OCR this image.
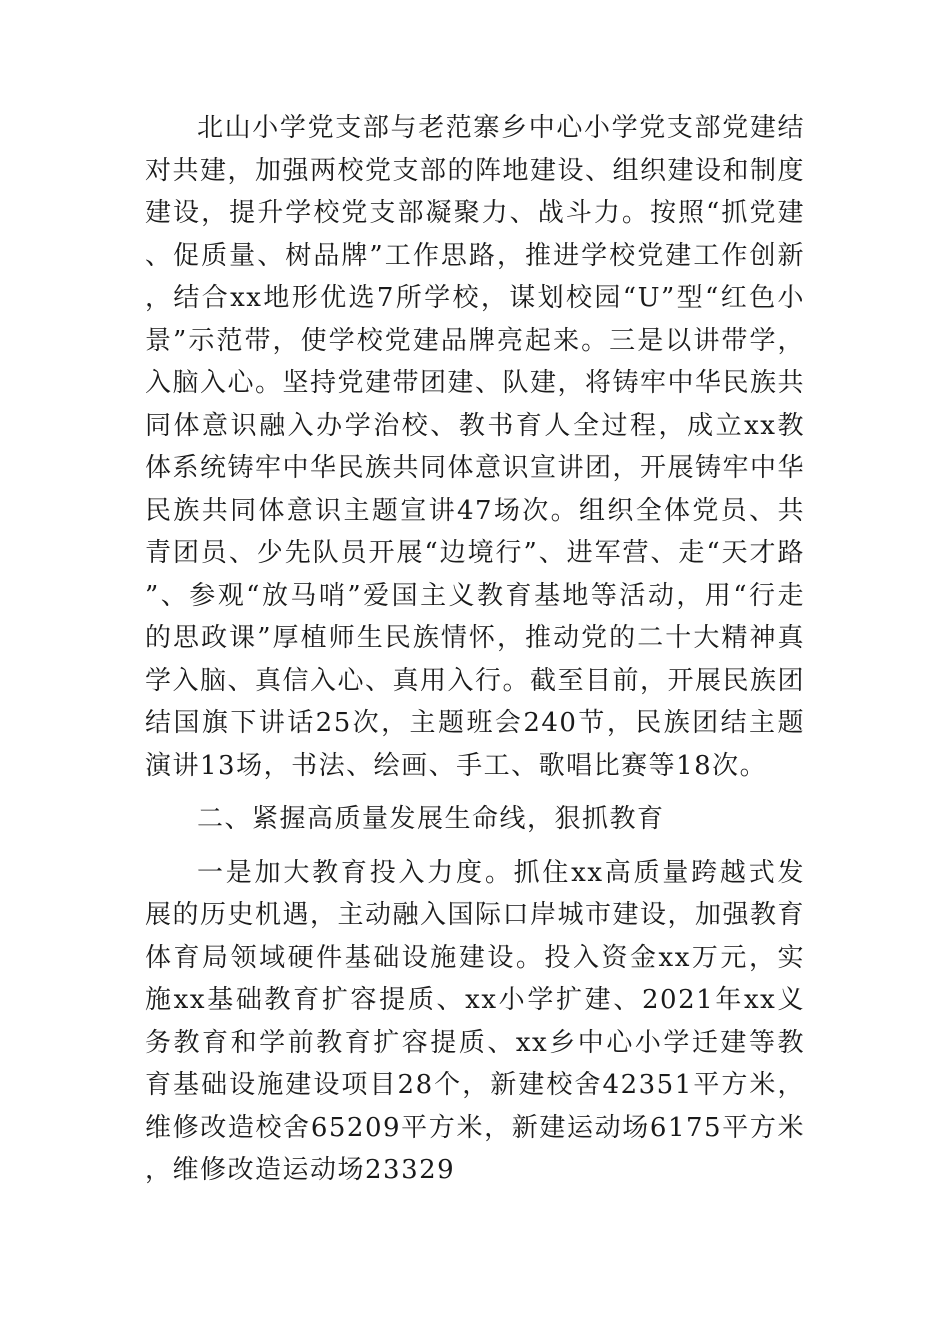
北山小学党支部与老范寨乡中心小学党支部党建结对共建，加强两校党支部的阵地建设、组织建设和制度建设，提升学校党支部凝聚力、战斗力。按照“抓党建、促质量、树品牌”工作思路，推进学校党建工作创新，结合xx地形优选7所学校，谋划校园“U”型“红色小景”示范带，使学校党建品牌亮起来。三是以讲带学，入脑入心。坚持党建带团建、队建，将铸牢中华民族共同体意识融入办学治校、教书育人全过程，成立xx教体系统铸牢中华民族共同体意识宣讲团，开展铸牢中华民族共同体意识主题宣讲47场次。组织全体党员、共青团员、少先队员开展“边境行”、进军营、走“天才路”、参观“放马哨”爱国主义教育基地等活动，用“行走的思政课”厚植师生民族情怀，推动党的二十大精神真学入脑、真信入心、真用入行。截至目前，开展民族团结国旗下讲话25次，主题班会240节，民族团结主题演讲13场，书法、绘画、手工、歌唱比赛等18次。

二、紧握高质量发展生命线，狠抓教育

一是加大教育投入力度。抓住xx高质量跨越式发展的历史机遇，主动融入国际口岸城市建设，加强教育体育局领域硬件基础设施建设。投入资金xx万元，实施xx基础教育扩容提质、xx小学扩建、2021年xx义务教育和学前教育扩容提质、xx乡中心小学迁建等教育基础设施建设项目28个，新建校舍42351平方米，维修改造校舍65209平方米，新建运动场6175平方米，维修改造运动场23329
